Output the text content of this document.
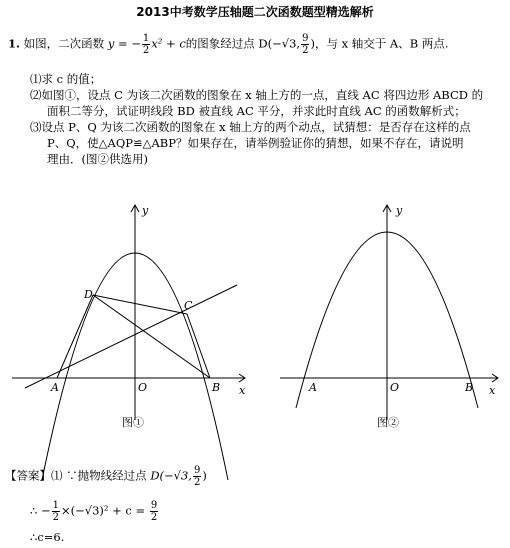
2013中考数学压轴题二次函数题型精选解析
1. 如图，二次函数 y = − $\frac{1}{2} x^2 + c$的图象经过点 D(−√3, $\frac{9}{2}$ )，与 x 轴交于 A、B 两点.
⑴求 c 的值；
⑵如图①，设点 C 为该二次函数的图象在 x 轴上方的一点，直线 AC 将四边形 ABCD 的
面积二等分，试证明线段 BD 被直线 AC 平分，并求此时直线 AC 的函数解析式；
⑶设点 P、Q 为该二次函数的图象在 x 轴上方的两个动点，试猜想：是否存在这样的点
P、Q，使△AQP≌△ABP？如果存在，请举例验证你的猜想，如果不存在，请说明
理由．(图②供选用)
y
x
O
A	B
C
D
图①
y
x
O
A	B
图②
【答案】⑴ ∵抛物线经过点 D(−√3, $\frac{9}{2}$ )
∴ − $\frac{1}{2} \times(-√3)^2 + c = \frac{9}{2}$
∴c=6.
